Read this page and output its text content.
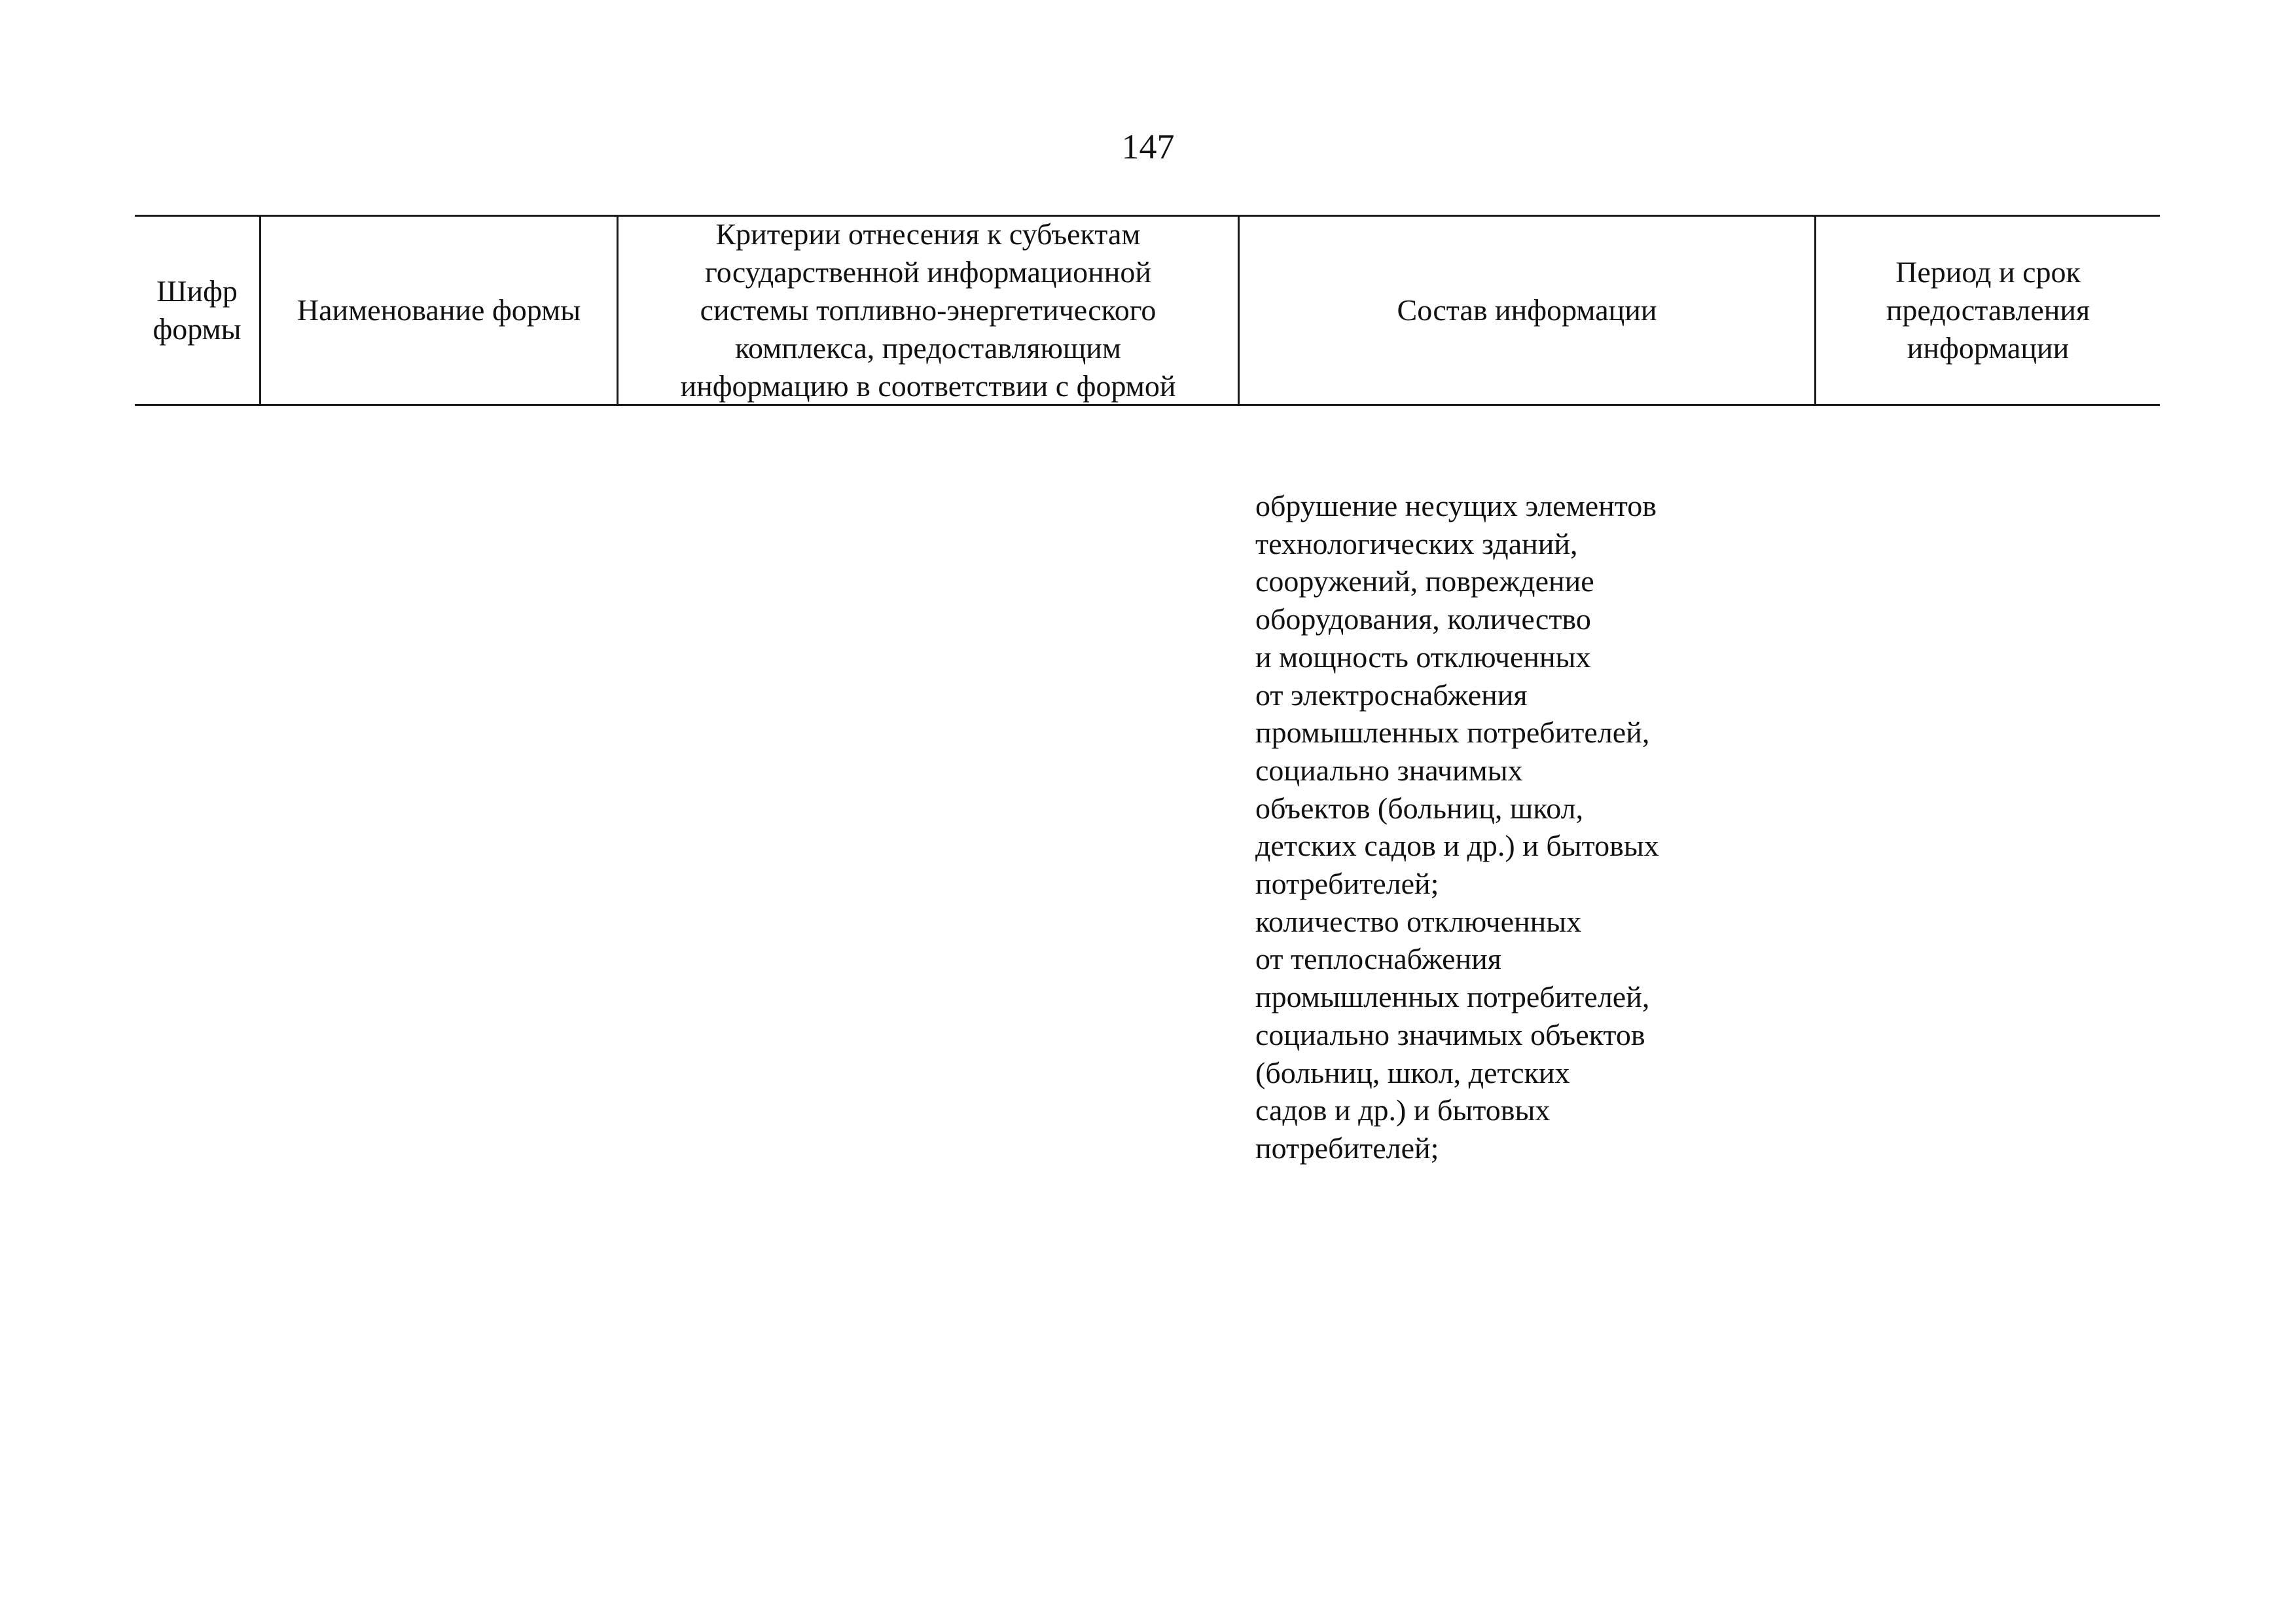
147
Шифр
формы
Наименование формы
Критерии отнесения к субъектам
государственной информационной
системы топливно-энергетического
комплекса, предоставляющим
информацию в соответствии с формой
Состав информации
Период и срок
предоставления
информации
обрушение несущих элементов
технологических зданий,
сооружений, повреждение
оборудования, количество
и мощность отключенных
от электроснабжения
промышленных потребителей,
социально значимых
объектов (больниц, школ,
детских садов и др.) и бытовых
потребителей;
количество отключенных
от теплоснабжения
промышленных потребителей,
социально значимых объектов
(больниц, школ, детских
садов и др.) и бытовых
потребителей;
